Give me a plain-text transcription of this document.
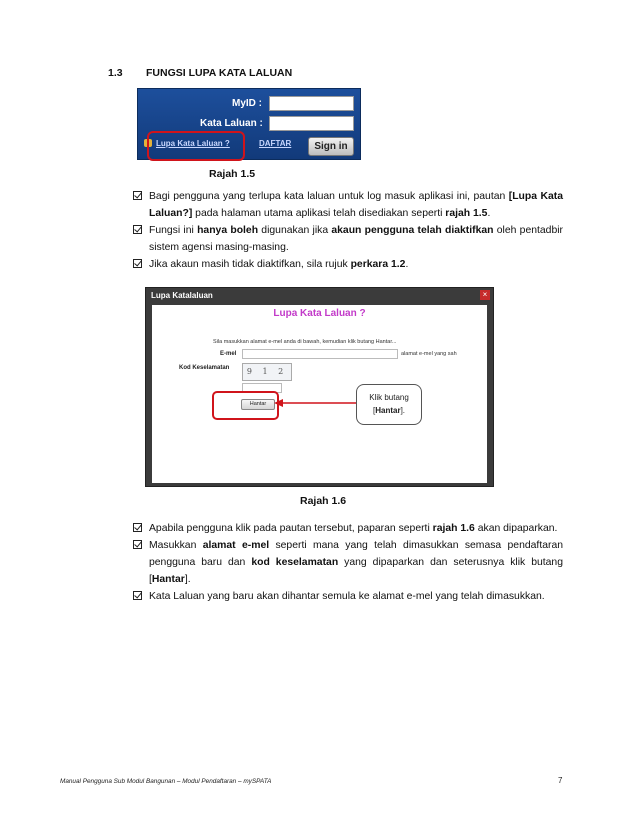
1.3 FUNGSI LUPA KATA LALUAN
MyID :
Kata Laluan :
Lupa Kata Laluan ?	DAFTAR	Sign in
Rajah 1.5
Bagi pengguna yang terlupa kata laluan untuk log masuk aplikasi ini, pautan [Lupa Kata Laluan?] pada halaman utama aplikasi telah disediakan seperti rajah 1.5.
Fungsi ini hanya boleh digunakan jika akaun pengguna telah diaktifkan oleh pentadbir sistem agensi masing-masing.
Jika akaun masih tidak diaktifkan, sila rujuk perkara 1.2.
Lupa Katalaluan	×
Lupa Kata Laluan ?
Sila masukkan alamat e-mel anda di bawah, kemudian klik butang Hantar...
E-mel	alamat e-mel yang sah
Kod Keselamatan	9 1 2
Hantar
Klik butang
[Hantar].
Rajah 1.6
Apabila pengguna klik pada pautan tersebut, paparan seperti rajah 1.6 akan dipaparkan.
Masukkan alamat e-mel seperti mana yang telah dimasukkan semasa pendaftaran pengguna baru dan kod keselamatan yang dipaparkan dan seterusnya klik butang [Hantar].
Kata Laluan yang baru akan dihantar semula ke alamat e-mel yang telah dimasukkan.
Manual Pengguna Sub Modul Bangunan – Modul Pendaftaran – mySPATA	7
